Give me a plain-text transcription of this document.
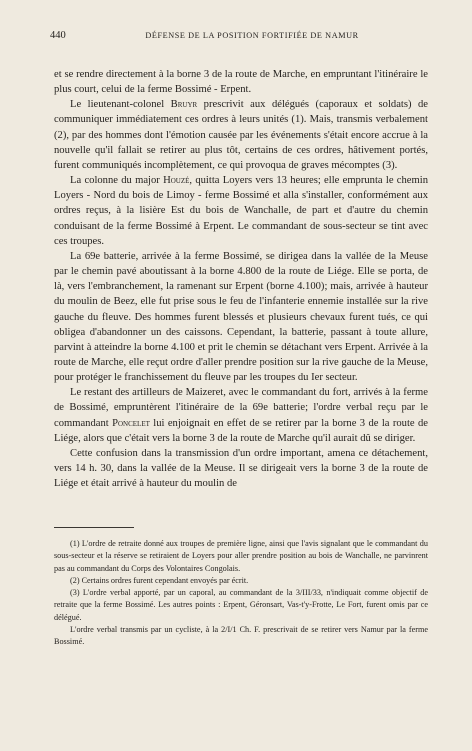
440	DÉFENSE DE LA POSITION FORTIFIÉE DE NAMUR

et se rendre directement à la borne 3 de la route de Marche, en empruntant l'itinéraire le plus court, celui de la ferme Bossimé - Erpent.

Le lieutenant-colonel Bruyr prescrivit aux délégués (caporaux et soldats) de communiquer immédiatement ces ordres à leurs unités (1). Mais, transmis verbalement (2), par des hommes dont l'émotion causée par les événements s'était encore accrue à la nouvelle qu'il fallait se retirer au plus tôt, certains de ces ordres, hâtivement portés, furent communiqués incomplètement, ce qui provoqua de graves mécomptes (3).

La colonne du major Houzé, quitta Loyers vers 13 heures; elle emprunta le chemin Loyers - Nord du bois de Limoy - ferme Bossimé et alla s'installer, conformément aux ordres reçus, à la lisière Est du bois de Wanchalle, de part et d'autre du chemin conduisant de la ferme Bossimé à Erpent. Le commandant de sous-secteur se tint avec ces troupes.

La 69e batterie, arrivée à la ferme Bossimé, se dirigea dans la vallée de la Meuse par le chemin pavé aboutissant à la borne 4.800 de la route de Liége. Elle se porta, de là, vers l'embranchement, la ramenant sur Erpent (borne 4.100); mais, arrivée à hauteur du moulin de Beez, elle fut prise sous le feu de l'infanterie ennemie installée sur la rive gauche du fleuve. Des hommes furent blessés et plusieurs chevaux furent tués, ce qui obligea d'abandonner un des caissons. Cependant, la batterie, passant à toute allure, parvint à atteindre la borne 4.100 et prit le chemin se détachant vers Erpent. Arrivée à la route de Marche, elle reçut ordre d'aller prendre position sur la rive gauche de la Meuse, pour protéger le franchissement du fleuve par les troupes du Ier secteur.

Le restant des artilleurs de Maizeret, avec le commandant du fort, arrivés à la ferme de Bossimé, empruntèrent l'itinéraire de la 69e batterie; l'ordre verbal reçu par le commandant Poncelet lui enjoignait en effet de se retirer par la borne 3 de la route de Liége, alors que c'était vers la borne 3 de la route de Marche qu'il aurait dû se diriger.

Cette confusion dans la transmission d'un ordre important, amena ce détachement, vers 14 h. 30, dans la vallée de la Meuse. Il se dirigeait vers la borne 3 de la route de Liége et était arrivé à hauteur du moulin de

(1) L'ordre de retraite donné aux troupes de première ligne, ainsi que l'avis signalant que le commandant du sous-secteur et la réserve se retiraient de Loyers pour aller prendre position au bois de Wanchalle, ne parvinrent pas au commandant du Corps des Volontaires Congolais.

(2) Certains ordres furent cependant envoyés par écrit.

(3) L'ordre verbal apporté, par un caporal, au commandant de la 3/III/33, n'indiquait comme objectif de retraite que la ferme Bossimé. Les autres points : Erpent, Géronsart, Vas-t'y-Frotte, Le Fort, furent omis par ce délégué.

L'ordre verbal transmis par un cycliste, à la 2/I/1 Ch. F. prescrivait de se retirer vers Namur par la ferme Bossimé.
